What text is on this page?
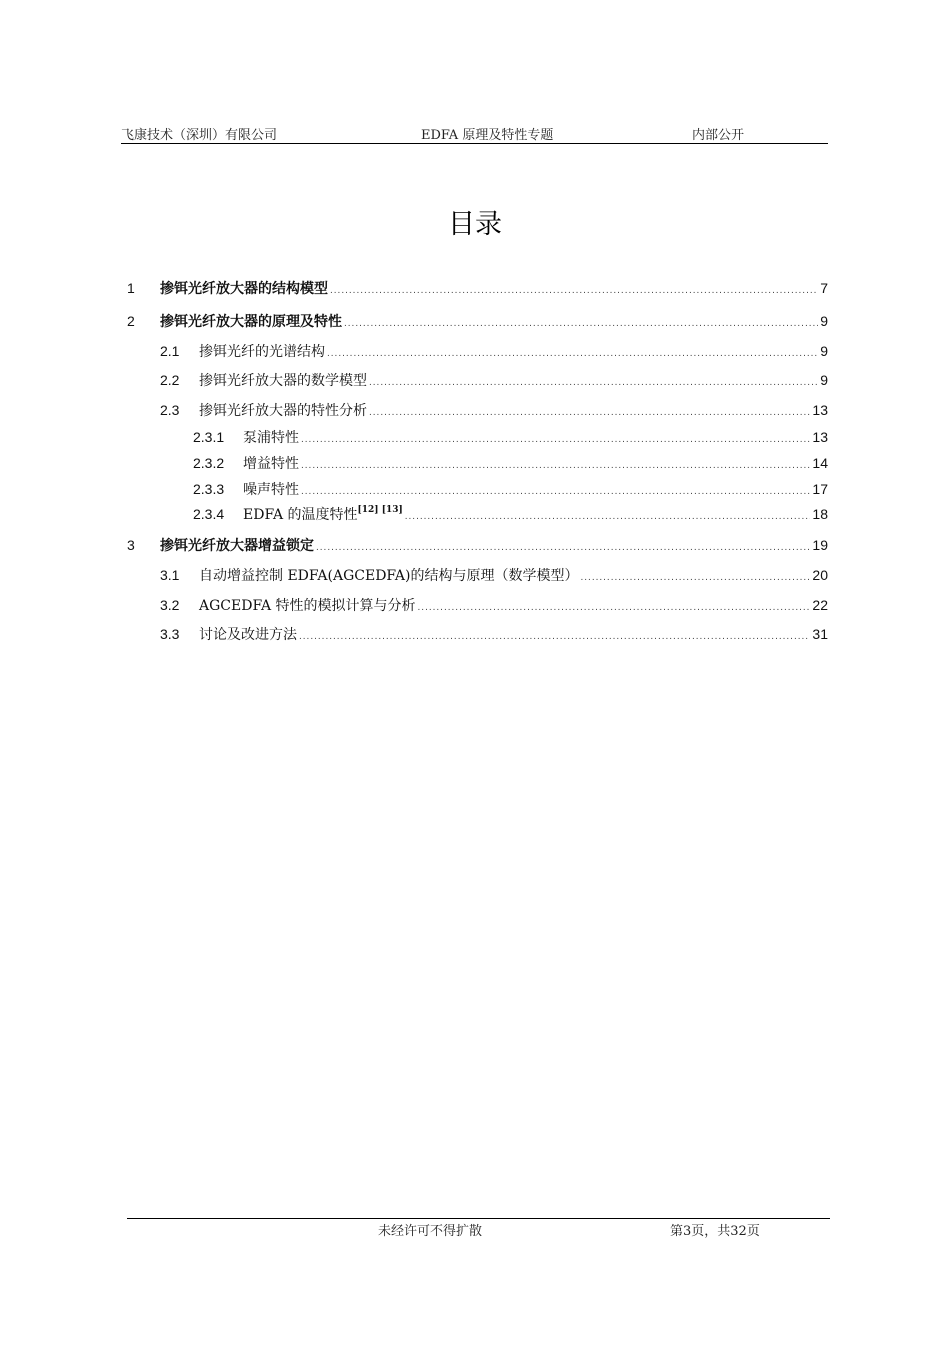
飞康技术（深圳）有限公司	EDFA 原理及特性专题	内部公开
目录
1	掺铒光纤放大器的结构模型 .....	7
2	掺铒光纤放大器的原理及特性 .....	9
2.1	掺铒光纤的光谱结构 .....	9
2.2	掺铒光纤放大器的数学模型 .....	9
2.3	掺铒光纤放大器的特性分析 .....	13
2.3.1	泵浦特性 .....	13
2.3.2	增益特性 .....	14
2.3.3	噪声特性 .....	17
2.3.4	EDFA 的温度特性[12] [13] .....	18
3	掺铒光纤放大器增益锁定 .....	19
3.1	自动增益控制 EDFA(AGCEDFA)的结构与原理（数学模型） .....	20
3.2	AGCEDFA 特性的模拟计算与分析 .....	22
3.3	讨论及改进方法 .....	31
未经许可不得扩散	第3页，共32页
